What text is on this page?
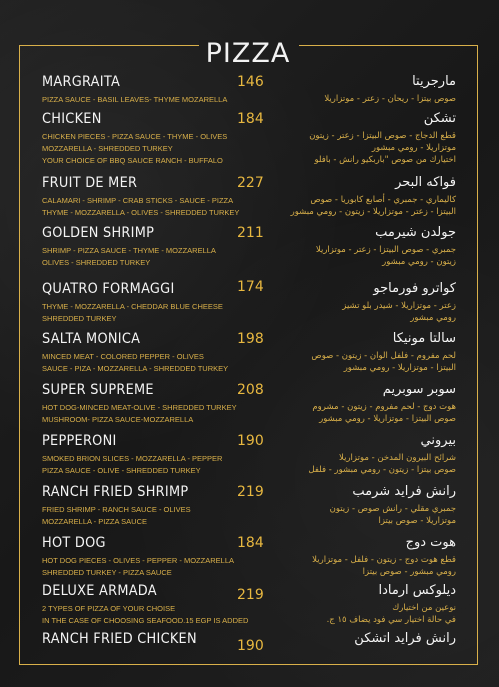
PIZZA
MARGRAITA	146
PIZZA SAUCE - BASIL LEAVES- THYME MOZARELLA
مارجريتا
صوص بيتزا - ريحان - زعتر - موتزاريلا
CHICKEN	184
CHICKEN PIECES - PIZZA SAUCE - THYME - OLIVES
MOZZARELLA - SHREDDED TURKEY
YOUR CHOICE OF BBQ SAUCE RANCH - BUFFALO
تشكن
قطع الدجاج - صوص البيتزا - زعتر - زيتون
موتزاريلا - رومي مبشور
اختيارك من صوص "باربكيو رانش - بافلو
FRUIT DE MER	227
CALAMARI - SHRIMP - CRAB STICKS - SAUCE - PIZZA
THYME - MOZZARELLA - OLIVES - SHREDDED TURKEY
فواكه البحر
كاليماري - جمبري - أصابع كابوريا - صوص
البيتزا - زعتر - موتزاريلا - زيتون - رومي مبشور
GOLDEN SHRIMP	211
SHRIMP - PIZZA SAUCE - THYME - MOZZARELLA
OLIVES - SHREDDED TURKEY
جولدن شيرمب
جمبري - صوص البيتزا - زعتر - موتزاريلا
زيتون - رومي مبشور
QUATRO FORMAGGI	174
THYME - MOZZARELLA - CHEDDAR BLUE CHEESE
SHREDDED TURKEY
كواترو فورماجو
زعتر - موتزاريلا - شيدر بلو تشيز
رومي مبشور
SALTA MONICA	198
MINCED MEAT - COLORED PEPPER - OLIVES
SAUCE - PIZA - MOZZARELLA - SHREDDED TURKEY
سالتا مونيكا
لحم مفروم - فلفل الوان - زيتون - صوص
البيتزا - موتزاريلا - رومي مبشور
SUPER SUPREME	208
HOT DOG-MINCED MEAT-OLIVE - SHREDDED TURKEY
MUSHROOM- PIZZA SAUCE-MOZZARELLA
سوبر سوبريم
هوت دوج - لحم مفروم - زيتون - مشروم
صوص البيتزا - موتزاريلا - رومي مبشور
PEPPERONI	190
SMOKED BRION SLICES - MOZZARELLA - PEPPER
PIZZA SAUCE - OLIVE - SHREDDED TURKEY
بيروني
شرائح البيرون المدخن - موتزاريلا
صوص بيتزا - زيتون - رومي مبشور - فلفل
RANCH FRIED SHRIMP	219
FRIED SHRIMP - RANCH SAUCE - OLIVES
MOZZARELLA - PIZZA SAUCE
رانش فرايد شرمب
جمبري مقلي - رانش صوص - زيتون
موتزاريلا - صوص بيتزا
HOT DOG	184
HOT DOG PIECES - OLIVES - PEPPER - MOZZARELLA
SHREDDED TURKEY - PIZZA SAUCE
هوت دوج
قطع هوت دوج - زيتون - فلفل - موتزاريلا
رومي مبشور - صوص بيتزا
DELUXE ARMADA	219
2 TYPES OF PIZZA OF YOUR CHOISE
IN THE CASE OF CHOOSING SEAFOOD.15 EGP IS ADDED
ديلوكس ارمادا
نوعين من اختيارك
في حالة اختيار سي فود يضاف ١٥ ج.
RANCH FRIED CHICKEN	190	رانش فرايد اتشكن
